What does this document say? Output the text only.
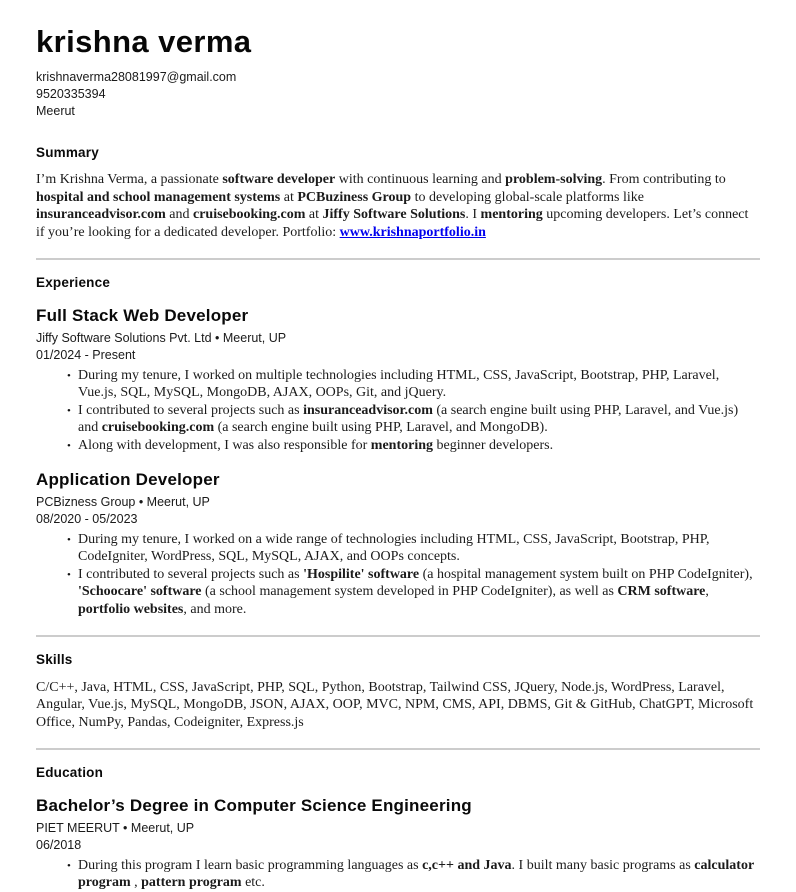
krishna verma
krishnaverma28081997@gmail.com
9520335394
Meerut
Summary

I’m Krishna Verma, a passionate software developer with continuous learning and problem-solving. From contributing to hospital and school management systems at PCBuziness Group to developing global-scale platforms like insuranceadvisor.com and cruisebooking.com at Jiffy Software Solutions. I mentoring upcoming developers. Let’s connect if you’re looking for a dedicated developer. Portfolio: www.krishnaportfolio.in

Experience
Full Stack Web Developer
Jiffy Software Solutions Pvt. Ltd • Meerut, UP
01/2024 - Present
• During my tenure, I worked on multiple technologies including HTML, CSS, JavaScript, Bootstrap, PHP, Laravel, Vue.js, SQL, MySQL, MongoDB, AJAX, OOPs, Git, and jQuery.
• I contributed to several projects such as insuranceadvisor.com (a search engine built using PHP, Laravel, and Vue.js) and cruisebooking.com (a search engine built using PHP, Laravel, and MongoDB).
• Along with development, I was also responsible for mentoring beginner developers.
Application Developer
PCBizness Group • Meerut, UP
08/2020 - 05/2023
• During my tenure, I worked on a wide range of technologies including HTML, CSS, JavaScript, Bootstrap, PHP, CodeIgniter, WordPress, SQL, MySQL, AJAX, and OOPs concepts.
• I contributed to several projects such as 'Hospilite' software (a hospital management system built on PHP CodeIgniter), 'Schoocare' software (a school management system developed in PHP CodeIgniter), as well as CRM software, portfolio websites, and more.
Skills

C/C++, Java, HTML, CSS, JavaScript, PHP, SQL, Python, Bootstrap, Tailwind CSS, JQuery, Node.js, WordPress, Laravel, Angular, Vue.js, MySQL, MongoDB, JSON, AJAX, OOP, MVC, NPM, CMS, API, DBMS, Git & GitHub, ChatGPT, Microsoft Office, NumPy, Pandas, Codeigniter, Express.js

Education
Bachelor’s Degree in Computer Science Engineering
PIET MEERUT • Meerut, UP
06/2018
• During this program I learn basic programming languages as c,c++ and Java. I built many basic programs as calculator program , pattern program etc.
